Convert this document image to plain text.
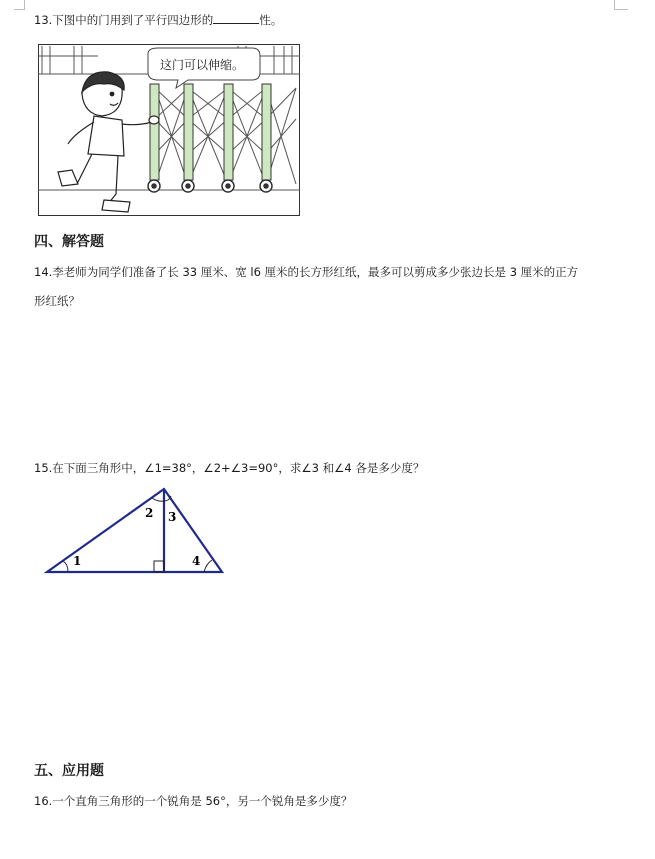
13.下图中的门用到了平行四边形的	性。
这门可以伸缩。
四、解答题
14.李老师为同学们准备了长 33 厘米、宽 l6 厘米的长方形红纸，最多可以剪成多少张边长是 3 厘米的正方
形红纸？
15.在下面三角形中，∠1=38°，∠2+∠3=90°，求∠3 和∠4 各是多少度？
1
2 3
4
五、应用题
16.一个直角三角形的一个锐角是 56°，另一个锐角是多少度？
